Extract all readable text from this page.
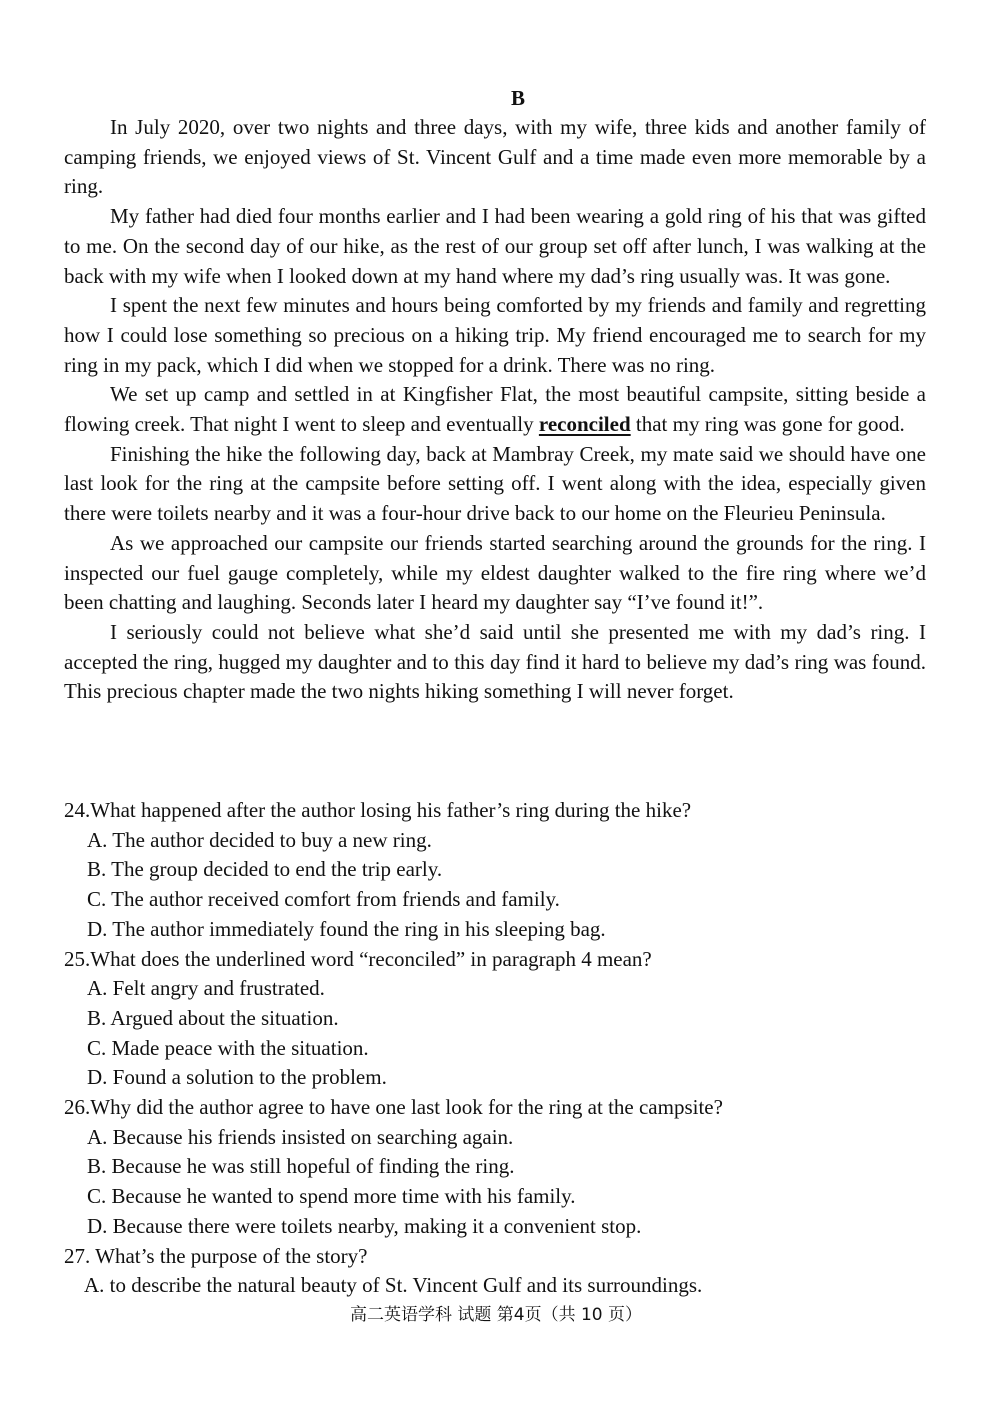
B

In July 2020, over two nights and three days, with my wife, three kids and another family of camping friends, we enjoyed views of St. Vincent Gulf and a time made even more memorable by a ring.

My father had died four months earlier and I had been wearing a gold ring of his that was gifted to me. On the second day of our hike, as the rest of our group set off after lunch, I was walking at the back with my wife when I looked down at my hand where my dad’s ring usually was. It was gone.

I spent the next few minutes and hours being comforted by my friends and family and regretting how I could lose something so precious on a hiking trip. My friend encouraged me to search for my ring in my pack, which I did when we stopped for a drink. There was no ring.

We set up camp and settled in at Kingfisher Flat, the most beautiful campsite, sitting beside a flowing creek. That night I went to sleep and eventually reconciled that my ring was gone for good.

Finishing the hike the following day, back at Mambray Creek, my mate said we should have one last look for the ring at the campsite before setting off. I went along with the idea, especially given there were toilets nearby and it was a four-hour drive back to our home on the Fleurieu Peninsula.

As we approached our campsite our friends started searching around the grounds for the ring. I inspected our fuel gauge completely, while my eldest daughter walked to the fire ring where we’d been chatting and laughing. Seconds later I heard my daughter say “I’ve found it!”.

I seriously could not believe what she’d said until she presented me with my dad’s ring. I accepted the ring, hugged my daughter and to this day find it hard to believe my dad’s ring was found. This precious chapter made the two nights hiking something I will never forget.

24.What happened after the author losing his father’s ring during the hike?
A. The author decided to buy a new ring.
B. The group decided to end the trip early.
C. The author received comfort from friends and family.
D. The author immediately found the ring in his sleeping bag.
25.What does the underlined word “reconciled” in paragraph 4 mean?
A. Felt angry and frustrated.
B. Argued about the situation.
C. Made peace with the situation.
D. Found a solution to the problem.
26.Why did the author agree to have one last look for the ring at the campsite?
A. Because his friends insisted on searching again.
B. Because he was still hopeful of finding the ring.
C. Because he wanted to spend more time with his family.
D. Because there were toilets nearby, making it a convenient stop.
27. What’s the purpose of the story?
A. to describe the natural beauty of St. Vincent Gulf and its surroundings.
高二英语学科 试题 第4页（共 10 页）
